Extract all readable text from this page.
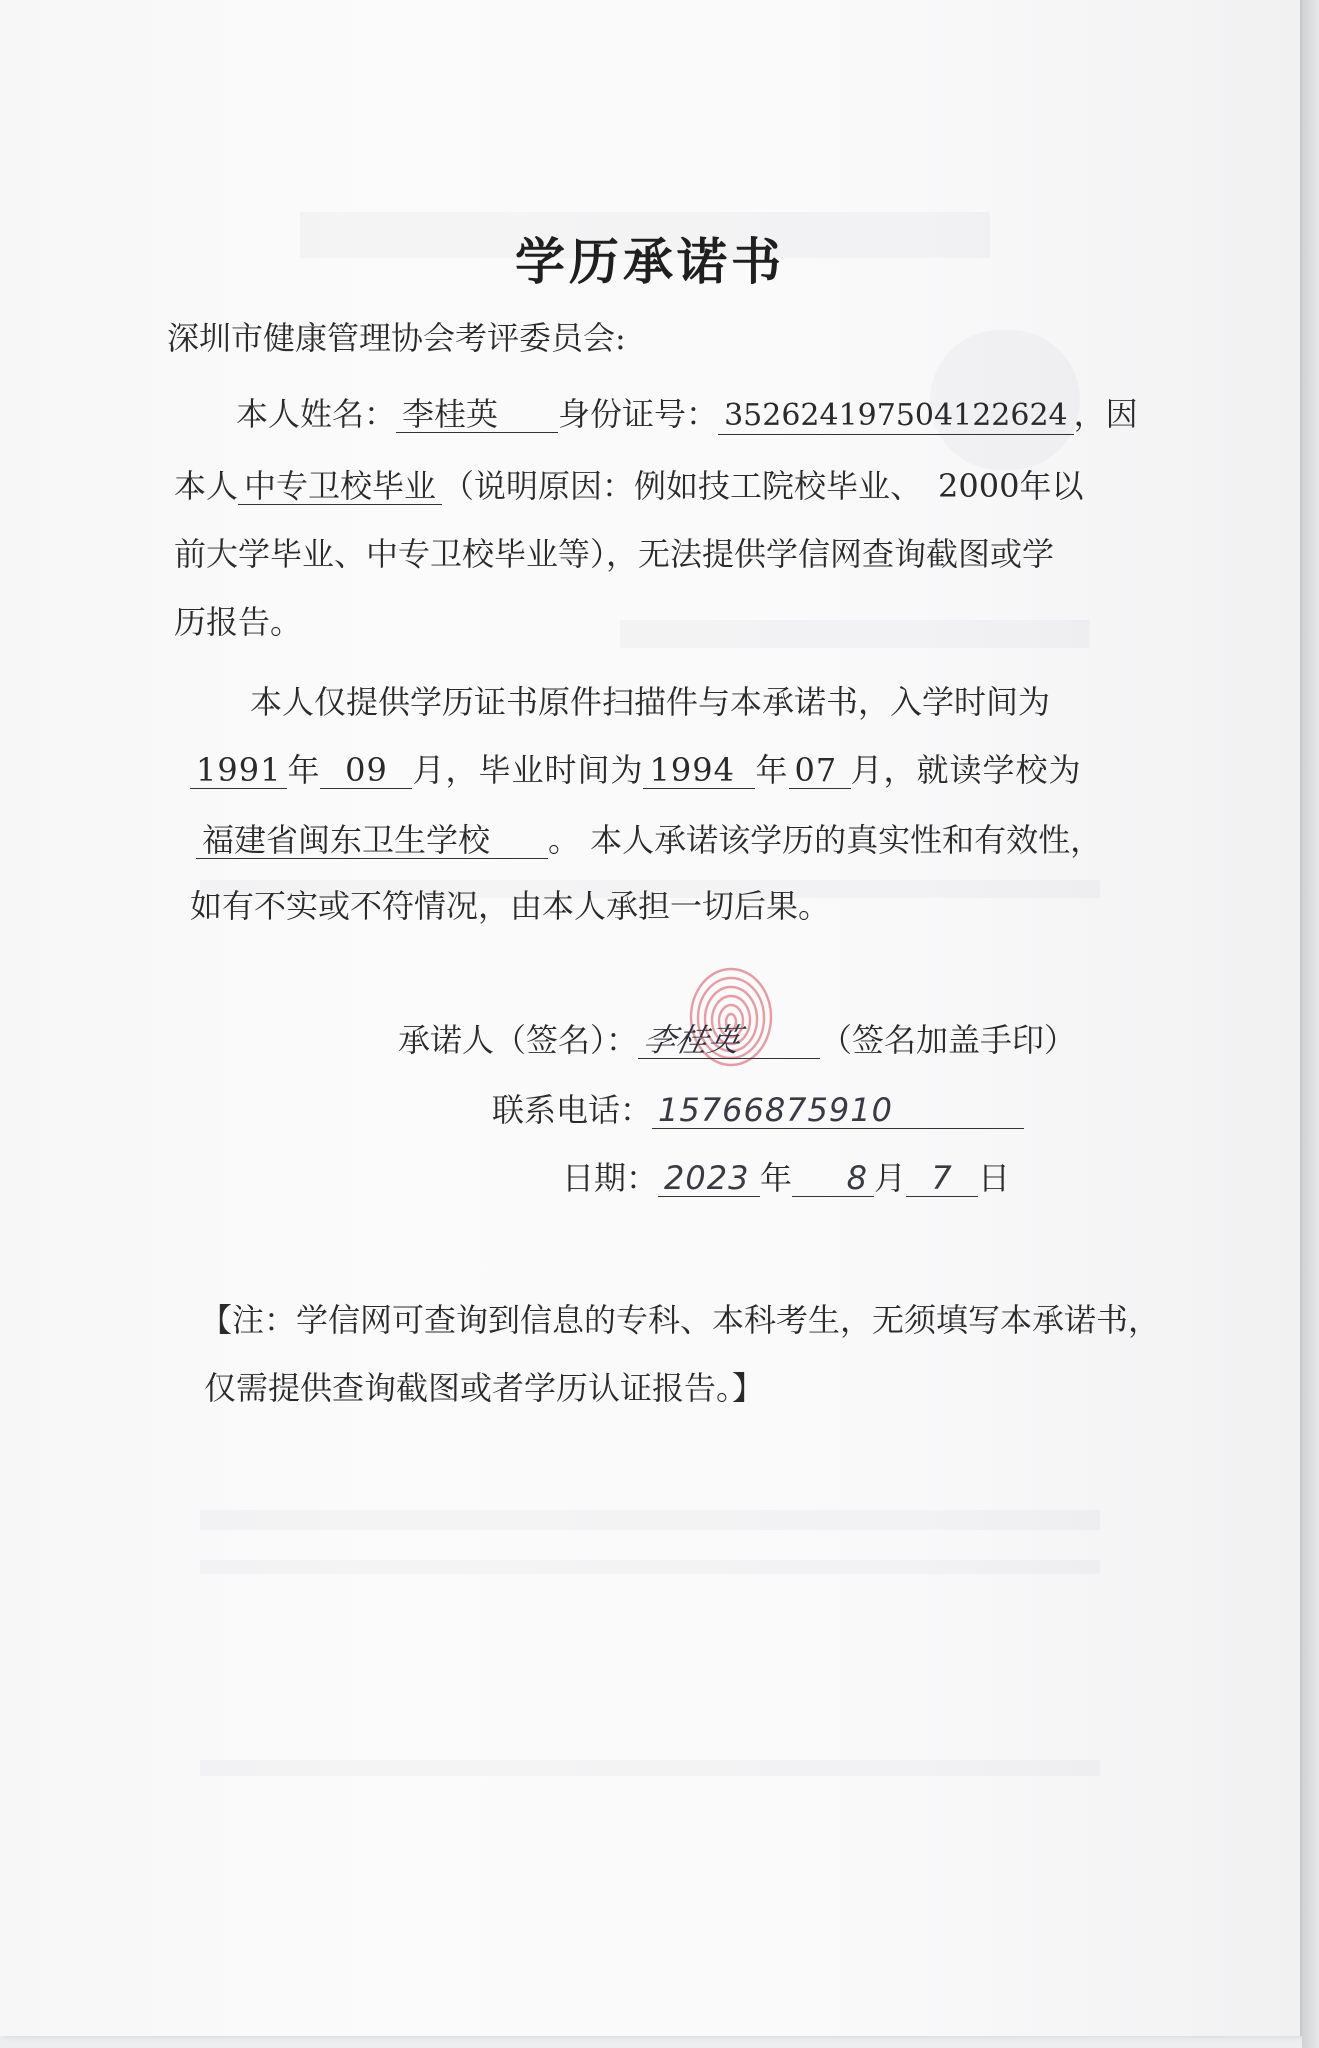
学历承诺书
深圳市健康管理协会考评委员会:
本人姓名： 李桂英 身份证号： 352624197504122624 ，因
本人 中专卫校毕业 （说明原因：例如技工院校毕业、　2000年以
前大学毕业、中专卫校毕业等），无法提供学信网查询截图或学
历报告。
本人仅提供学历证书原件扫描件与本承诺书，入学时间为
1991 年 09 月，毕业时间为 1994 年 07 月，就读学校为
福建省闽东卫生学校 。 本人承诺该学历的真实性和有效性，
如有不实或不符情况，由本人承担一切后果。
承诺人（签名）：李桂英 （签名加盖手印）
联系电话： 15766875910
日期： 2023 年 8 月 7 日
【注：学信网可查询到信息的专科、本科考生，无须填写本承诺书，
仅需提供查询截图或者学历认证报告。】
